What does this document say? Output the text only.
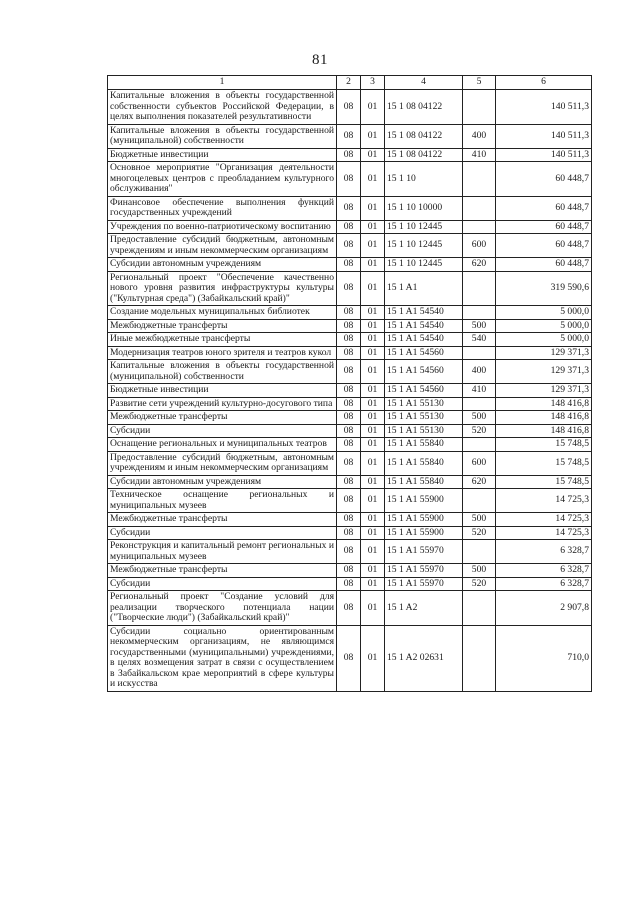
81
1	2	3	4	5	6
Капитальные вложения в объекты государственной собственности субъектов Российской Федерации, в целях выполнения показателей результативности	08	01	15 1 08 04122		140 511,3
Капитальные вложения в объекты государственной (муниципальной) собственности	08	01	15 1 08 04122	400	140 511,3
Бюджетные инвестиции	08	01	15 1 08 04122	410	140 511,3
Основное мероприятие "Организация деятельности многоцелевых центров с преобладанием культурного обслуживания"	08	01	15 1 10		60 448,7
Финансовое обеспечение выполнения функций государственных учреждений	08	01	15 1 10 10000		60 448,7
Учреждения по военно-патриотическому воспитанию	08	01	15 1 10 12445		60 448,7
Предоставление субсидий бюджетным, автономным учреждениям и иным некоммерческим организациям	08	01	15 1 10 12445	600	60 448,7
Субсидии автономным учреждениям	08	01	15 1 10 12445	620	60 448,7
Региональный проект "Обеспечение качественно нового уровня развития инфраструктуры культуры ("Культурная среда") (Забайкальский край)"	08	01	15 1 A1		319 590,6
Создание модельных муниципальных библиотек	08	01	15 1 A1 54540		5 000,0
Межбюджетные трансферты	08	01	15 1 A1 54540	500	5 000,0
Иные межбюджетные трансферты	08	01	15 1 A1 54540	540	5 000,0
Модернизация театров юного зрителя и театров кукол	08	01	15 1 A1 54560		129 371,3
Капитальные вложения в объекты государственной (муниципальной) собственности	08	01	15 1 A1 54560	400	129 371,3
Бюджетные инвестиции	08	01	15 1 A1 54560	410	129 371,3
Развитие сети учреждений культурно-досугового типа	08	01	15 1 A1 55130		148 416,8
Межбюджетные трансферты	08	01	15 1 A1 55130	500	148 416,8
Субсидии	08	01	15 1 A1 55130	520	148 416,8
Оснащение региональных и муниципальных театров	08	01	15 1 A1 55840		15 748,5
Предоставление субсидий бюджетным, автономным учреждениям и иным некоммерческим организациям	08	01	15 1 A1 55840	600	15 748,5
Субсидии автономным учреждениям	08	01	15 1 A1 55840	620	15 748,5
Техническое оснащение региональных и муниципальных музеев	08	01	15 1 A1 55900		14 725,3
Межбюджетные трансферты	08	01	15 1 A1 55900	500	14 725,3
Субсидии	08	01	15 1 A1 55900	520	14 725,3
Реконструкция и капитальный ремонт региональных и муниципальных музеев	08	01	15 1 A1 55970		6 328,7
Межбюджетные трансферты	08	01	15 1 A1 55970	500	6 328,7
Субсидии	08	01	15 1 A1 55970	520	6 328,7
Региональный проект "Создание условий для реализации творческого потенциала нации ("Творческие люди") (Забайкальский край)"	08	01	15 1 A2		2 907,8
Субсидии социально ориентированным некоммерческим организациям, не являющимся государственными (муниципальными) учреждениями, в целях возмещения затрат в связи с осуществлением в Забайкальском крае мероприятий в сфере культуры и искусства	08	01	15 1 A2 02631		710,0
